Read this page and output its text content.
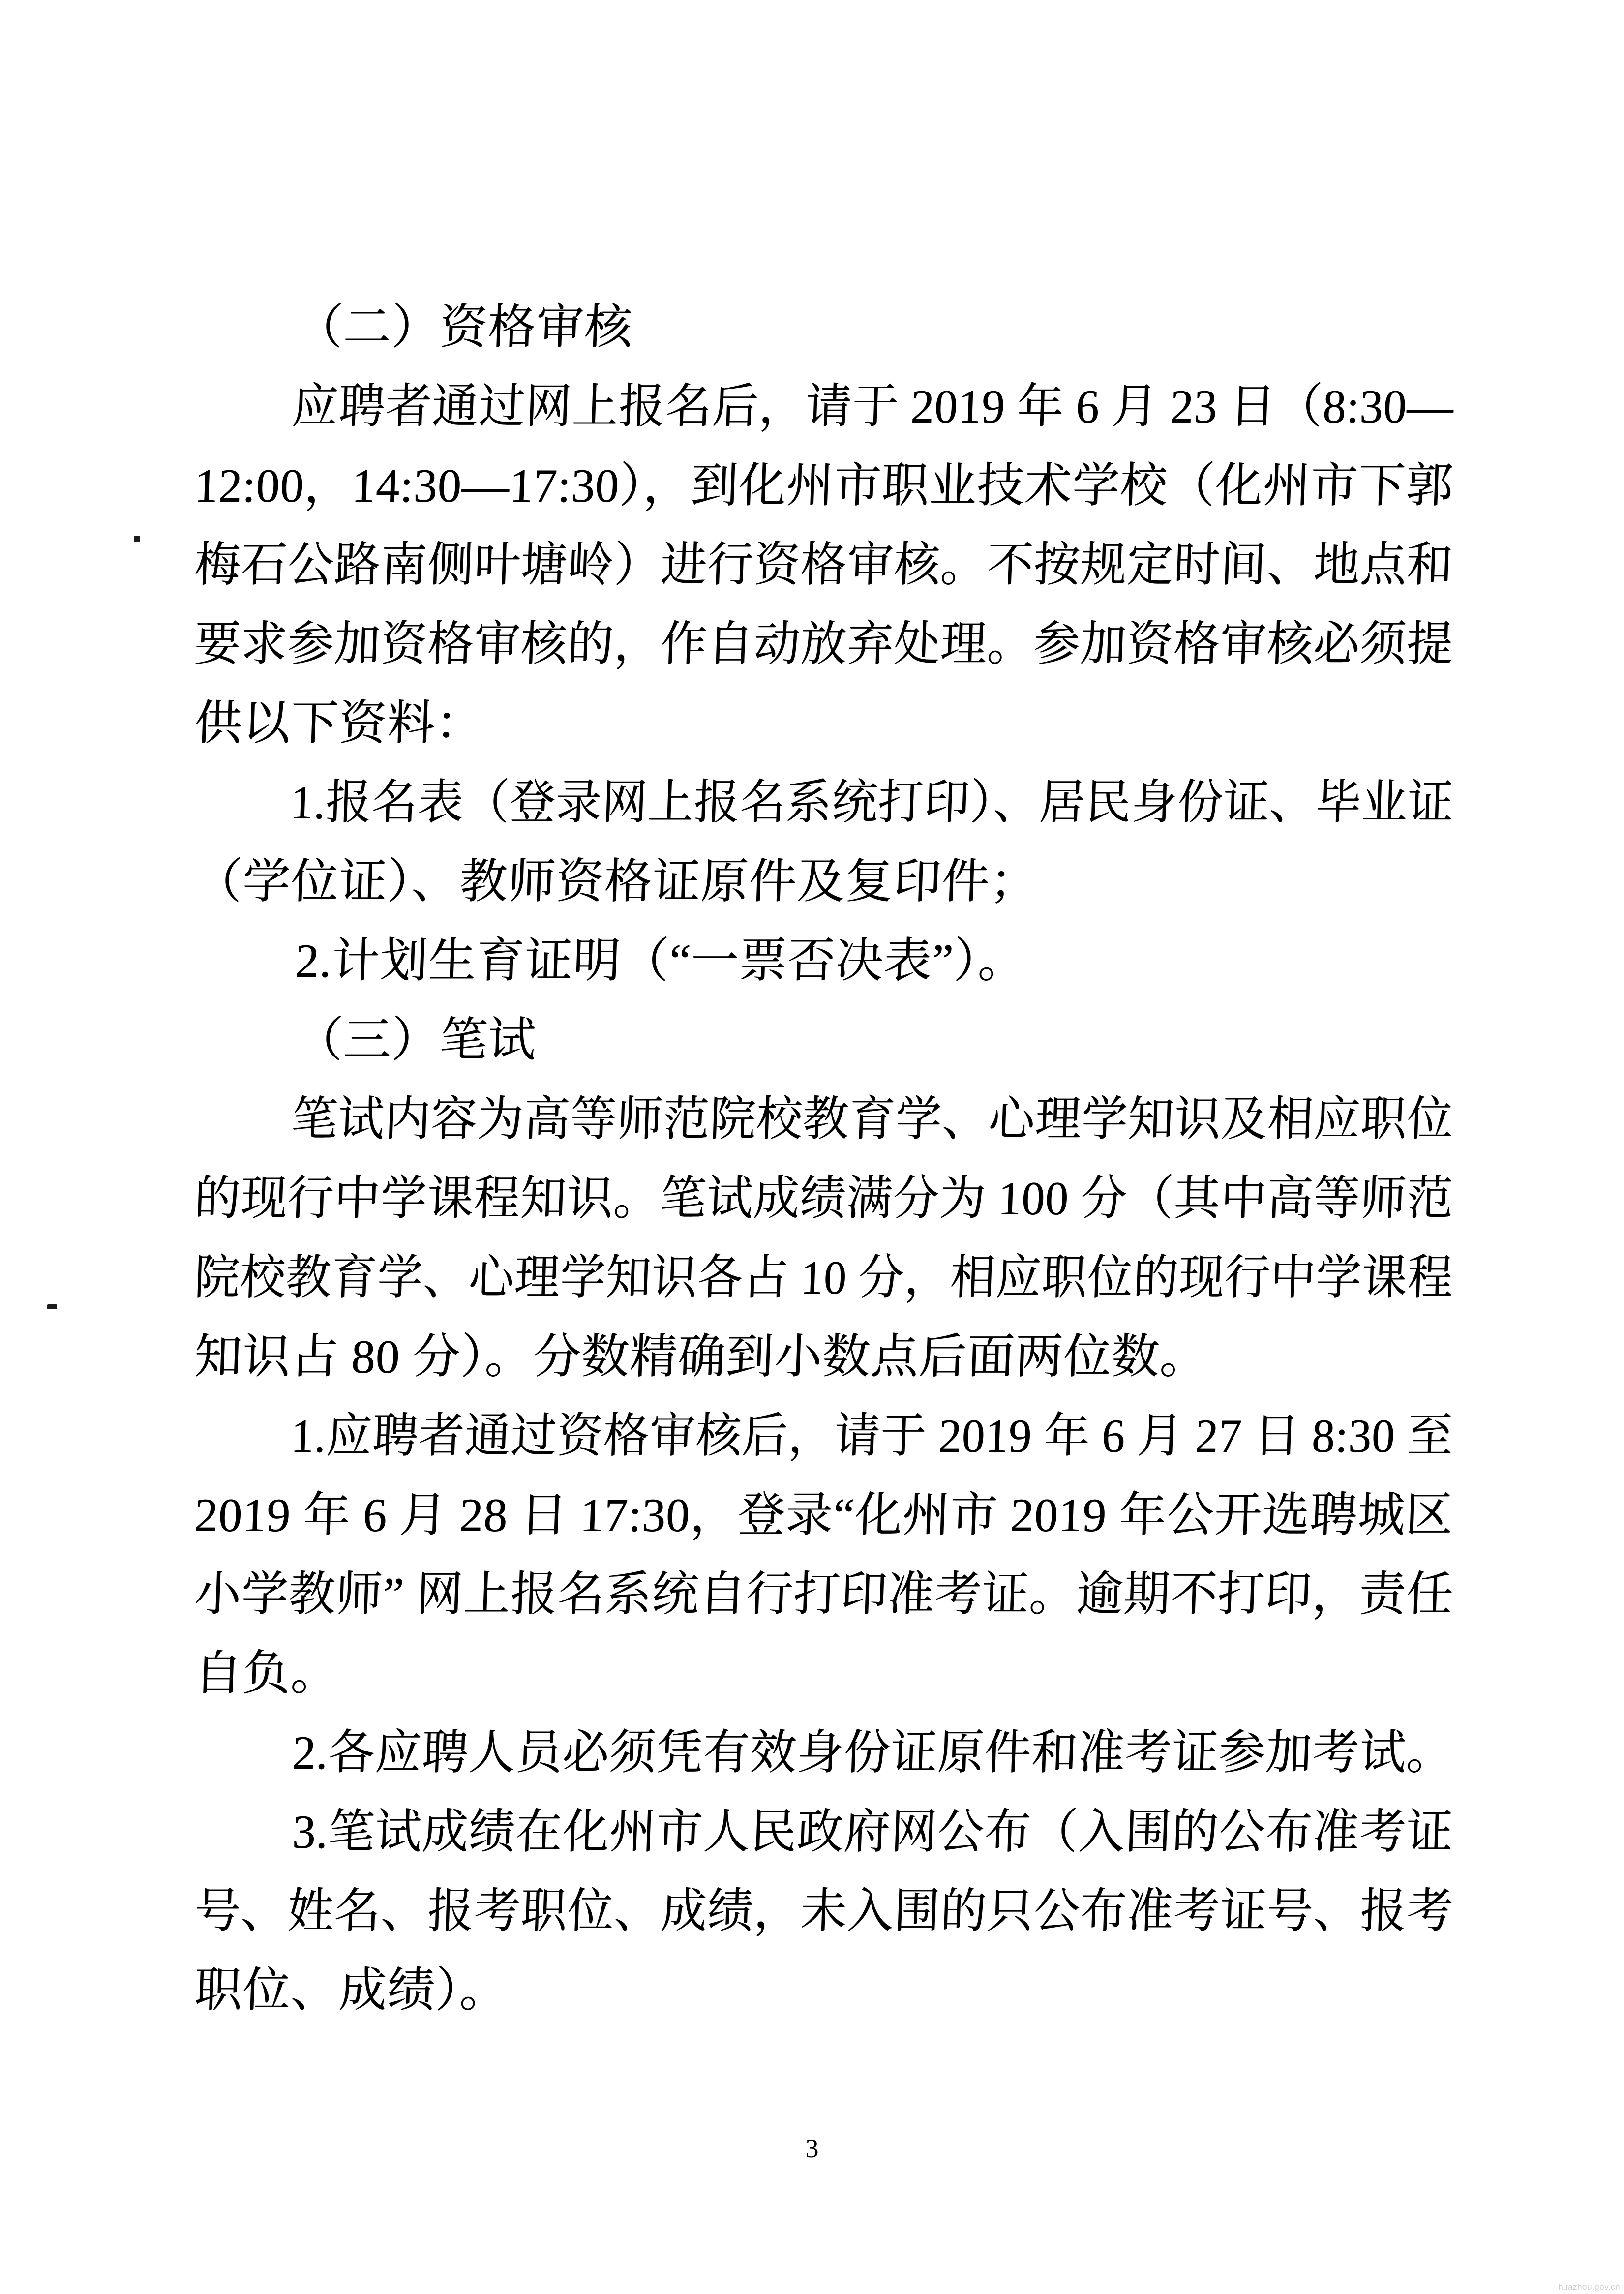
（二）资格审核
应聘者通过网上报名后，请于 2019 年 6 月 23 日（8:30—
12:00，14:30—17:30），到化州市职业技术学校（化州市下郭
梅石公路南侧叶塘岭）进行资格审核。不按规定时间、地点和
要求参加资格审核的，作自动放弃处理。参加资格审核必须提
供以下资料：
1.报名表（登录网上报名系统打印）、居民身份证、毕业证
（学位证）、教师资格证原件及复印件；
2.计划生育证明（“一票否决表”）。
（三）笔试
笔试内容为高等师范院校教育学、心理学知识及相应职位
的现行中学课程知识。笔试成绩满分为 100 分（其中高等师范
院校教育学、心理学知识各占 10 分，相应职位的现行中学课程
知识占 80 分）。分数精确到小数点后面两位数。
1.应聘者通过资格审核后，请于 2019 年 6 月 27 日 8:30 至
2019 年 6 月 28 日 17:30，登录“化州市 2019 年公开选聘城区
小学教师” 网上报名系统自行打印准考证。逾期不打印，责任
自负。
2.各应聘人员必须凭有效身份证原件和准考证参加考试。
3.笔试成绩在化州市人民政府网公布（入围的公布准考证
号、姓名、报考职位、成绩，未入围的只公布准考证号、报考
职位、成绩）。
3
huazhou.gov.cn
